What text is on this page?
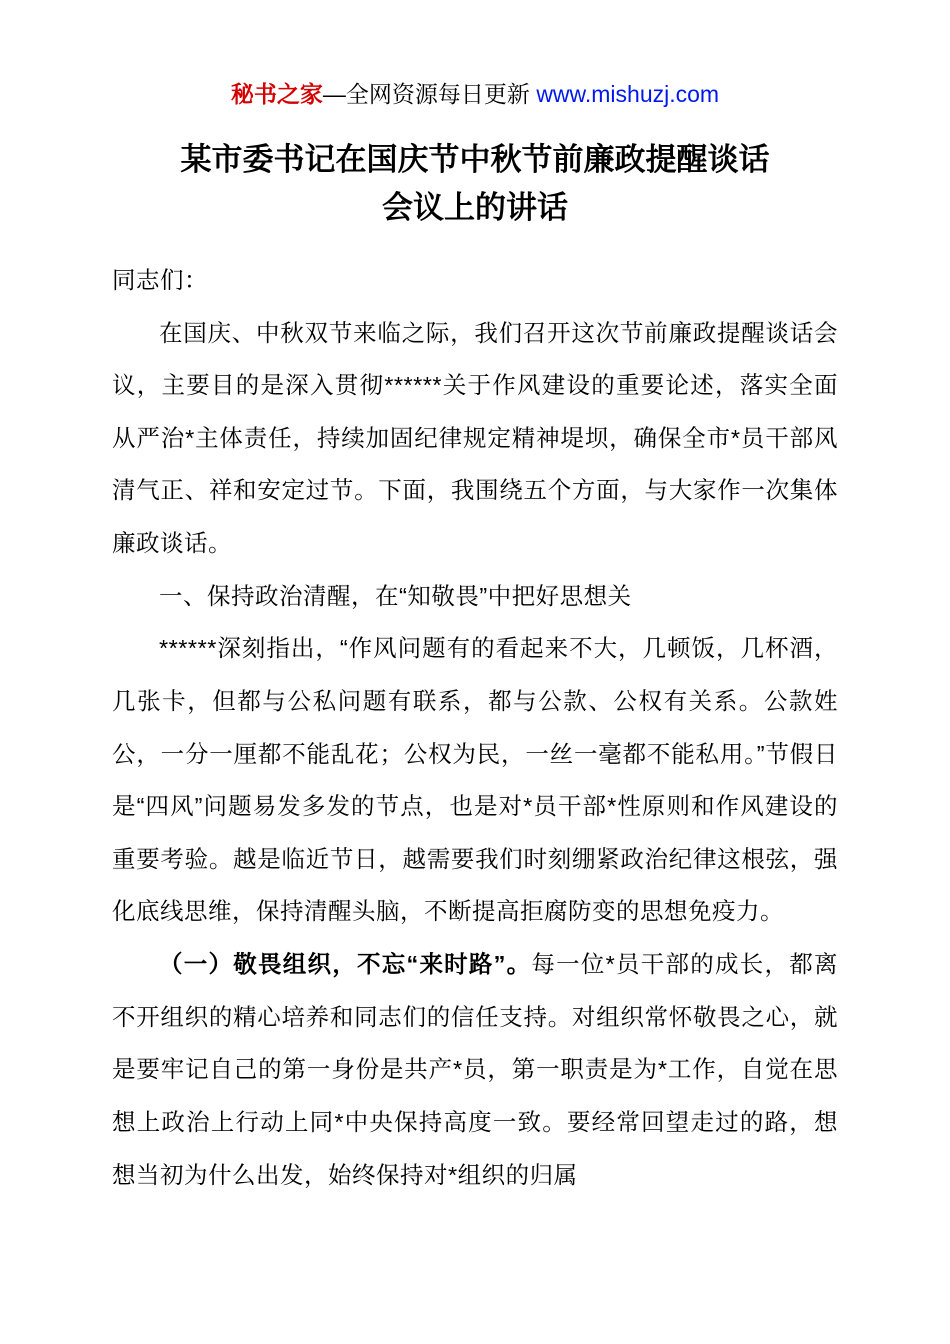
秘书之家—全网资源每日更新 www.mishuzj.com
某市委书记在国庆节中秋节前廉政提醒谈话会议上的讲话

同志们：

在国庆、中秋双节来临之际，我们召开这次节前廉政提醒谈话会议，主要目的是深入贯彻******关于作风建设的重要论述，落实全面从严治*主体责任，持续加固纪律规定精神堤坝，确保全市*员干部风清气正、祥和安定过节。下面，我围绕五个方面，与大家作一次集体廉政谈话。

一、保持政治清醒，在“知敬畏”中把好思想关

******深刻指出，“作风问题有的看起来不大，几顿饭，几杯酒，几张卡，但都与公私问题有联系，都与公款、公权有关系。公款姓公，一分一厘都不能乱花；公权为民，一丝一毫都不能私用。”节假日是“四风”问题易发多发的节点，也是对*员干部*性原则和作风建设的重要考验。越是临近节日，越需要我们时刻绷紧政治纪律这根弦，强化底线思维，保持清醒头脑，不断提高拒腐防变的思想免疫力。

（一）敬畏组织，不忘“来时路”。每一位*员干部的成长，都离不开组织的精心培养和同志们的信任支持。对组织常怀敬畏之心，就是要牢记自己的第一身份是共产*员，第一职责是为*工作，自觉在思想上政治上行动上同*中央保持高度一致。要经常回望走过的路，想想当初为什么出发，始终保持对*组织的归属
